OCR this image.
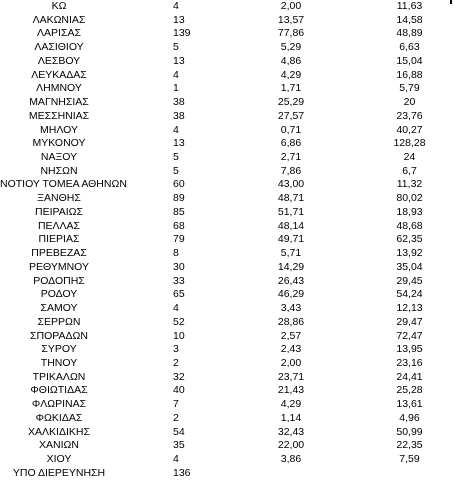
ΚΩ	4	2,00	11,63
ΛΑΚΩΝΙΑΣ	13	13,57	14,58
ΛΑΡΙΣΑΣ	139	77,86	48,89
ΛΑΣΙΘΙΟΥ	5	5,29	6,63
ΛΕΣΒΟΥ	13	4,86	15,04
ΛΕΥΚΑΔΑΣ	4	4,29	16,88
ΛΗΜΝΟΥ	1	1,71	5,79
ΜΑΓΝΗΣΙΑΣ	38	25,29	20
ΜΕΣΣΗΝΙΑΣ	38	27,57	23,76
ΜΗΛΟΥ	4	0,71	40,27
ΜΥΚΟΝΟΥ	13	6,86	128,28
ΝΑΞΟΥ	5	2,71	24
ΝΗΣΩΝ	5	7,86	6,7
ΝΟΤΙΟΥ ΤΟΜΕΑ ΑΘΗΝΩΝ	60	43,00	11,32
ΞΑΝΘΗΣ	89	48,71	80,02
ΠΕΙΡΑΙΩΣ	85	51,71	18,93
ΠΕΛΛΑΣ	68	48,14	48,68
ΠΙΕΡΙΑΣ	79	49,71	62,35
ΠΡΕΒΕΖΑΣ	8	5,71	13,92
ΡΕΘΥΜΝΟΥ	30	14,29	35,04
ΡΟΔΟΠΗΣ	33	26,43	29,45
ΡΟΔΟΥ	65	46,29	54,24
ΣΑΜΟΥ	4	3,43	12,13
ΣΕΡΡΩΝ	52	28,86	29,47
ΣΠΟΡΑΔΩΝ	10	2,57	72,47
ΣΥΡΟΥ	3	2,43	13,95
ΤΗΝΟΥ	2	2,00	23,16
ΤΡΙΚΑΛΩΝ	32	23,71	24,41
ΦΘΙΩΤΙΔΑΣ	40	21,43	25,28
ΦΛΩΡΙΝΑΣ	7	4,29	13,61
ΦΩΚΙΔΑΣ	2	1,14	4,96
ΧΑΛΚΙΔΙΚΗΣ	54	32,43	50,99
ΧΑΝΙΩΝ	35	22,00	22,35
ΧΙΟΥ	4	3,86	7,59
ΥΠΟ ΔΙΕΡΕΥΝΗΣΗ	136
